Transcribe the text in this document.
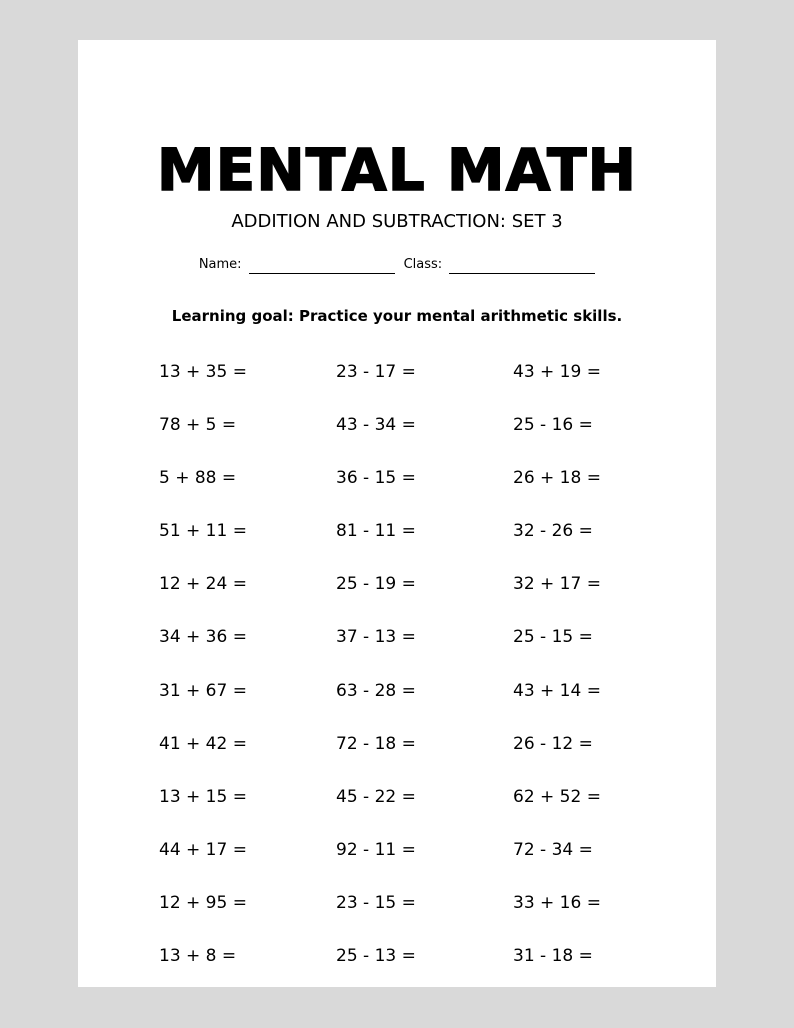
MENTAL MATH
ADDITION AND SUBTRACTION: SET 3
Name:	Class:
Learning goal: Practice your mental arithmetic skills.
13 + 35 =	23 - 17 =	43 + 19 =
78 + 5 =	43 - 34 =	25 - 16 =
5 + 88 =	36 - 15 =	26 + 18 =
51 + 11 =	81 - 11 =	32 - 26 =
12 + 24 =	25 - 19 =	32 + 17 =
34 + 36 =	37 - 13 =	25 - 15 =
31 + 67 =	63 - 28 =	43 + 14 =
41 + 42 =	72 - 18 =	26 - 12 =
13 + 15 =	45 - 22 =	62 + 52 =
44 + 17 =	92 - 11 =	72 - 34 =
12 + 95 =	23 - 15 =	33 + 16 =
13 + 8 =	25 - 13 =	31 - 18 =
